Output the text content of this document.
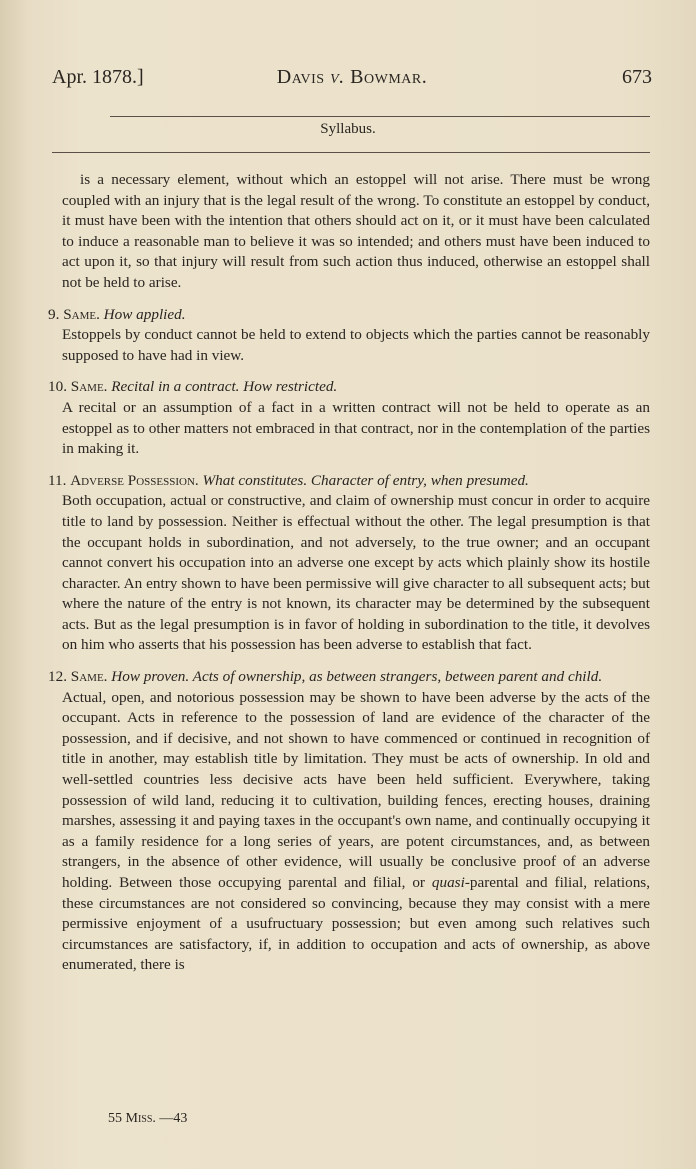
Apr. 1878.]	Davis v. Bowmar.	673
Syllabus.

is a necessary element, without which an estoppel will not arise. There must be wrong coupled with an injury that is the legal result of the wrong. To constitute an estoppel by conduct, it must have been with the intention that others should act on it, or it must have been calculated to induce a reasonable man to believe it was so intended; and others must have been induced to act upon it, so that injury will result from such action thus induced, otherwise an estoppel shall not be held to arise.

9. Same. How applied.

Estoppels by conduct cannot be held to extend to objects which the parties cannot be reasonably supposed to have had in view.

10. Same. Recital in a contract. How restricted.

A recital or an assumption of a fact in a written contract will not be held to operate as an estoppel as to other matters not embraced in that contract, nor in the contemplation of the parties in making it.

11. Adverse Possession. What constitutes. Character of entry, when presumed.

Both occupation, actual or constructive, and claim of ownership must concur in order to acquire title to land by possession. Neither is effectual without the other. The legal presumption is that the occupant holds in subordination, and not adversely, to the true owner; and an occupant cannot convert his occupation into an adverse one except by acts which plainly show its hostile character. An entry shown to have been permissive will give character to all subsequent acts; but where the nature of the entry is not known, its character may be determined by the subsequent acts. But as the legal presumption is in favor of holding in subordination to the title, it devolves on him who asserts that his possession has been adverse to establish that fact.

12. Same. How proven. Acts of ownership, as between strangers, between parent and child.

Actual, open, and notorious possession may be shown to have been adverse by the acts of the occupant. Acts in reference to the possession of land are evidence of the character of the possession, and if decisive, and not shown to have commenced or continued in recognition of title in another, may establish title by limitation. They must be acts of ownership. In old and well-settled countries less decisive acts have been held sufficient. Everywhere, taking possession of wild land, reducing it to cultivation, building fences, erecting houses, draining marshes, assessing it and paying taxes in the occupant's own name, and continually occupying it as a family residence for a long series of years, are potent circumstances, and, as between strangers, in the absence of other evidence, will usually be conclusive proof of an adverse holding. Between those occupying parental and filial, or quasi-parental and filial, relations, these circumstances are not considered so convincing, because they may consist with a mere permissive enjoyment of a usufructuary possession; but even among such relatives such circumstances are satisfactory, if, in addition to occupation and acts of ownership, as above enumerated, there is

55 Miss. —43
